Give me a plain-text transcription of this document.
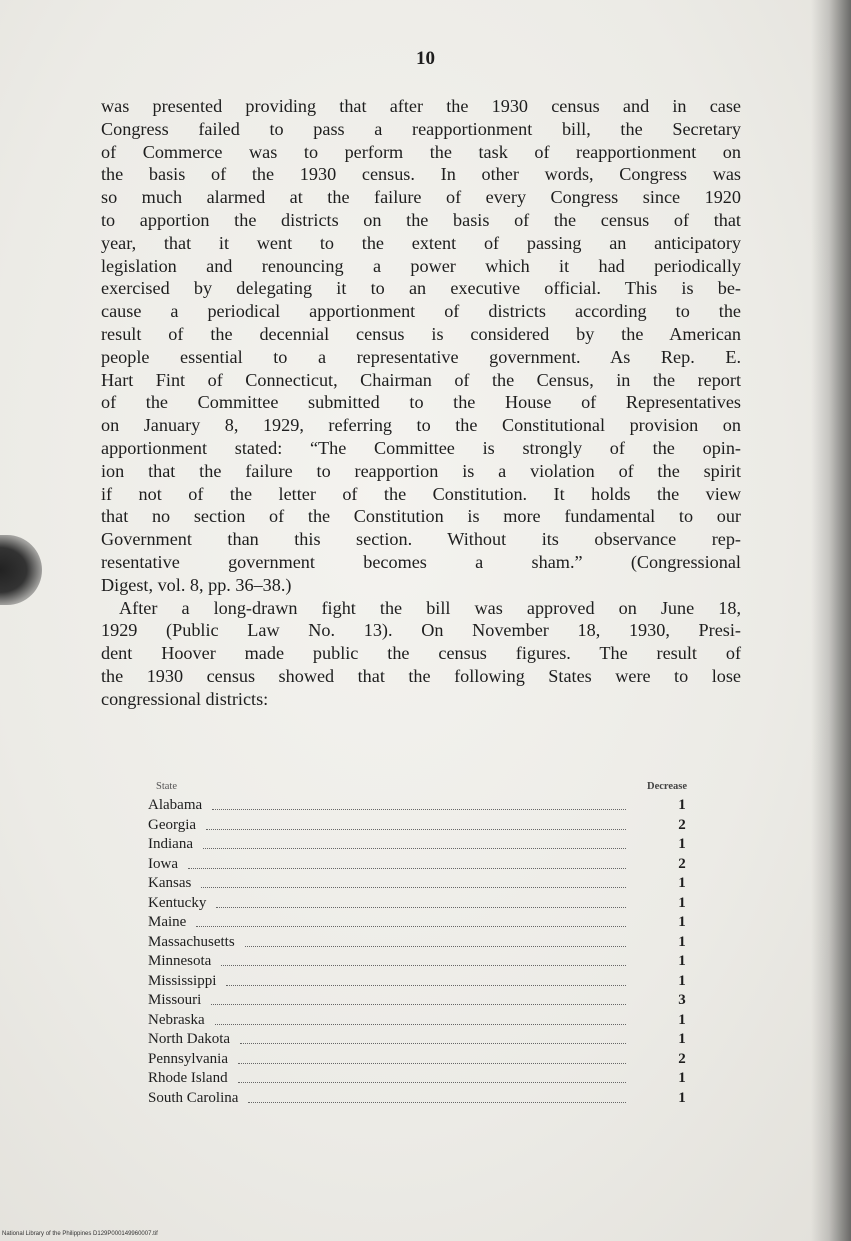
10
was presented providing that after the 1930 census and in case
Congress failed to pass a reapportionment bill, the Secretary
of Commerce was to perform the task of reapportionment on
the basis of the 1930 census. In other words, Congress was
so much alarmed at the failure of every Congress since 1920
to apportion the districts on the basis of the census of that
year, that it went to the extent of passing an anticipatory
legislation and renouncing a power which it had periodically
exercised by delegating it to an executive official. This is be-
cause a periodical apportionment of districts according to the
result of the decennial census is considered by the American
people essential to a representative government. As Rep. E.
Hart Fint of Connecticut, Chairman of the Census, in the report
of the Committee submitted to the House of Representatives
on January 8, 1929, referring to the Constitutional provision on
apportionment stated: “The Committee is strongly of the opin-
ion that the failure to reapportion is a violation of the spirit
if not of the letter of the Constitution. It holds the view
that no section of the Constitution is more fundamental to our
Government than this section. Without its observance rep-
resentative government becomes a sham.” (Congressional
Digest, vol. 8, pp. 36–38.)
After a long-drawn fight the bill was approved on June 18,
1929 (Public Law No. 13). On November 18, 1930, Presi-
dent Hoover made public the census figures. The result of
the 1930 census showed that the following States were to lose
congressional districts:
State	Decrease
Alabama	1
Georgia	2
Indiana	1
Iowa	2
Kansas	1
Kentucky	1
Maine	1
Massachusetts	1
Minnesota	1
Mississippi	1
Missouri	3
Nebraska	1
North Dakota	1
Pennsylvania	2
Rhode Island	1
South Carolina	1
National Library of the Philippines D129P000149960007.tif
